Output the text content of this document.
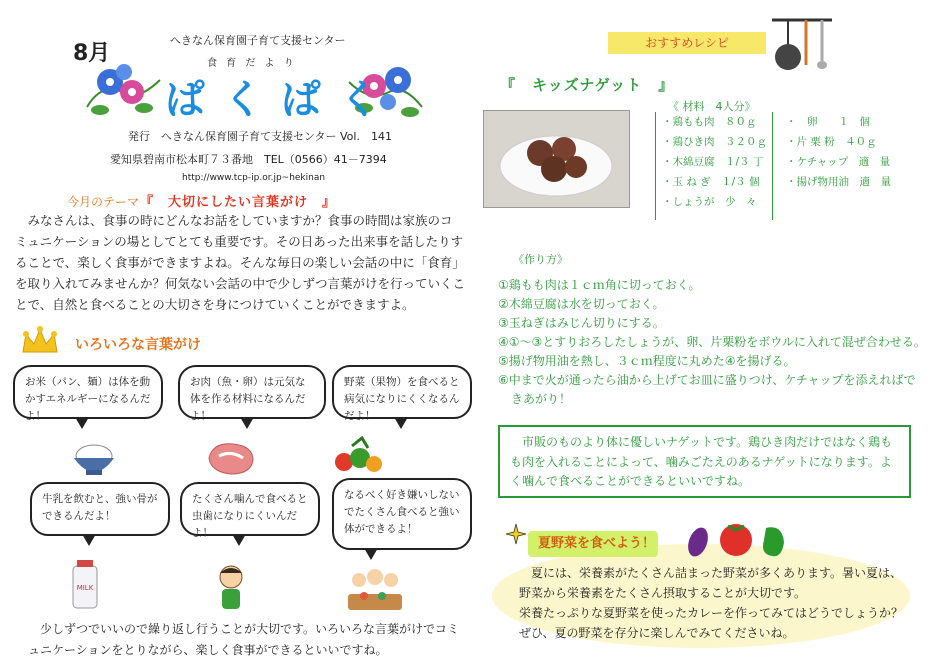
8月
へきなん保育園子育て支援センター
食 育 だ よ り
ぱくぱく
発行　へきなん保育園子育て支援センター Vol.　141
愛知県碧南市松本町７３番地　TEL（0566）41－7394
http://www.tcp-ip.or.jp~hekinan
今月のテーマ 『　大切にしたい言葉がけ　』
　みなさんは、食事の時にどんなお話をしていますか？食事の時間は家族のコミュニケーションの場としてとても重要です。その日あった出来事を話したりすることで、楽しく食事ができますよね。そんな毎日の楽しい会話の中に「食育」を取り入れてみませんか？何気ない会話の中で少しずつ言葉がけを行っていくことで、自然と食べることの大切さを身につけていくことができますよ。
いろいろな言葉がけ
お米（パン、麺）は体を動かすエネルギーになるんだよ！
お肉（魚・卵）は元気な体を作る材料になるんだよ！
野菜（果物）を食べると病気になりにくくなるんだよ！
牛乳を飲むと、強い骨ができるんだよ！
たくさん噛んで食べると虫歯になりにくいんだよ！
なるべく好き嫌いしないでたくさん食べると強い体ができるよ！
MILK
　少しずつでいいので繰り返し行うことが大切です。いろいろな言葉がけでコミュニケーションをとりながら、楽しく食事ができるといいですね。
おすすめレシピ
『　キッズナゲット　』
《 材料　4人分》
・鶏もも肉　８０ｇ
・鶏ひき肉　３２０ｇ
・木綿豆腐　１/３ 丁
・玉 ね ぎ　１/３ 個
・しょうが　少　々
・　卵　　１　個
・片 栗 粉　４０ｇ
・ケチャップ　適　量
・揚げ物用油　適　量
《作り方》
①鶏もも肉は１ｃｍ角に切っておく。
②木綿豆腐は水を切っておく。
③玉ねぎはみじん切りにする。
④①～③とすりおろしたしょうが、卵、片栗粉をボウルに入れて混ぜ合わせる。
⑤揚げ物用油を熱し、３ｃｍ程度に丸めた④を揚げる。
⑥中まで火が通ったら油から上げてお皿に盛りつけ、ケチャップを添えればで
きあがり！
　市販のものより体に優しいナゲットです。鶏ひき肉だけではなく鶏もも肉を入れることによって、噛みごたえのあるナゲットになります。よく噛んで食べることができるといいですね。
夏野菜を食べよう！
　夏には、栄養素がたくさん詰まった野菜が多くあります。暑い夏は、
野菜から栄養素をたくさん摂取することが大切です。
栄養たっぷりな夏野菜を使ったカレーを作ってみてはどうでしょうか？
ぜひ、夏の野菜を存分に楽しんでみてくださいね。
